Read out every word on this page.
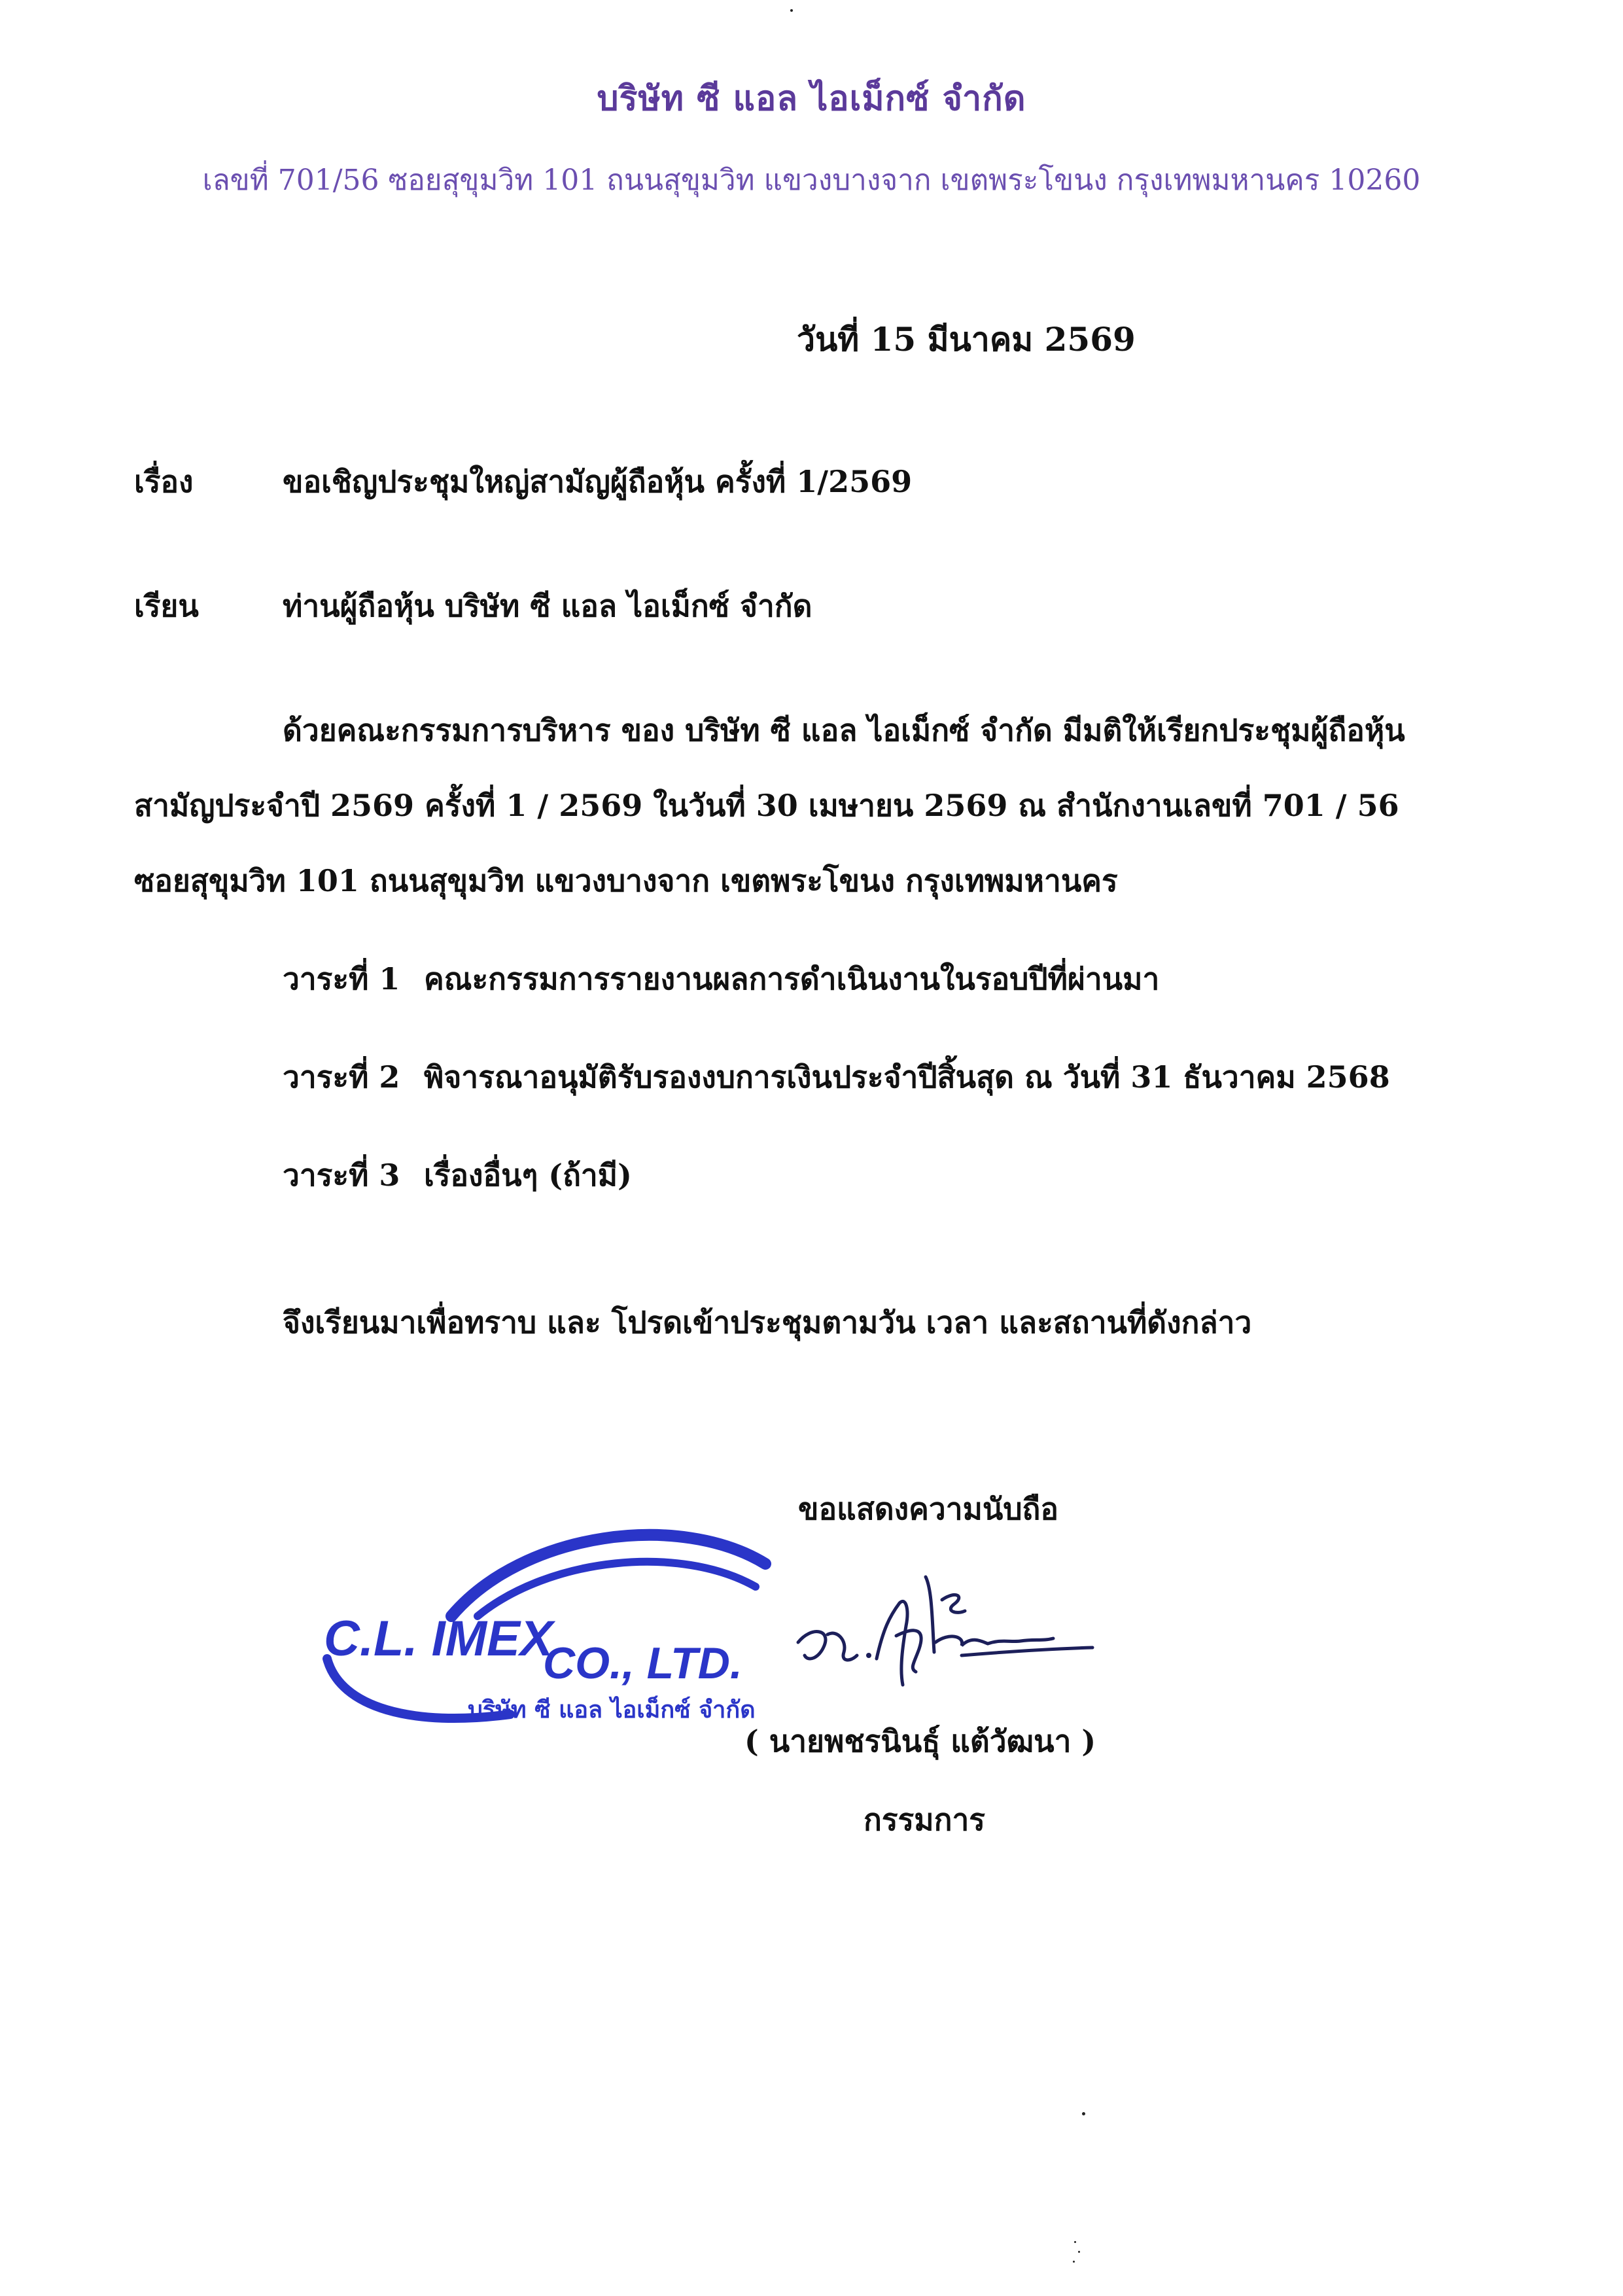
บริษัท ซี แอล ไอเม็กซ์ จำกัด
เลขที่ 701/56 ซอยสุขุมวิท 101 ถนนสุขุมวิท แขวงบางจาก เขตพระโขนง กรุงเทพมหานคร 10260
วันที่ 15 มีนาคม 2569
เรื่อง	ขอเชิญประชุมใหญ่สามัญผู้ถือหุ้น ครั้งที่ 1/2569
เรียน	ท่านผู้ถือหุ้น บริษัท ซี แอล ไอเม็กซ์ จำกัด
ด้วยคณะกรรมการบริหาร ของ บริษัท ซี แอล ไอเม็กซ์ จำกัด มีมติให้เรียกประชุมผู้ถือหุ้น
สามัญประจำปี 2569 ครั้งที่ 1 / 2569 ในวันที่ 30 เมษายน 2569 ณ สำนักงานเลขที่ 701 / 56
ซอยสุขุมวิท 101 ถนนสุขุมวิท แขวงบางจาก เขตพระโขนง กรุงเทพมหานคร
วาระที่ 1 คณะกรรมการรายงานผลการดำเนินงานในรอบปีที่ผ่านมา
วาระที่ 2 พิจารณาอนุมัติรับรองงบการเงินประจำปีสิ้นสุด ณ วันที่ 31 ธันวาคม 2568
วาระที่ 3 เรื่องอื่นๆ (ถ้ามี)
จึงเรียนมาเพื่อทราบ และ โปรดเข้าประชุมตามวัน เวลา และสถานที่ดังกล่าว
ขอแสดงความนับถือ
C.L. IMEX
CO., LTD.
บริษัท ซี แอล ไอเม็กซ์ จำกัด
( นายพชรนินธุ์ แต้วัฒนา )
กรรมการ
